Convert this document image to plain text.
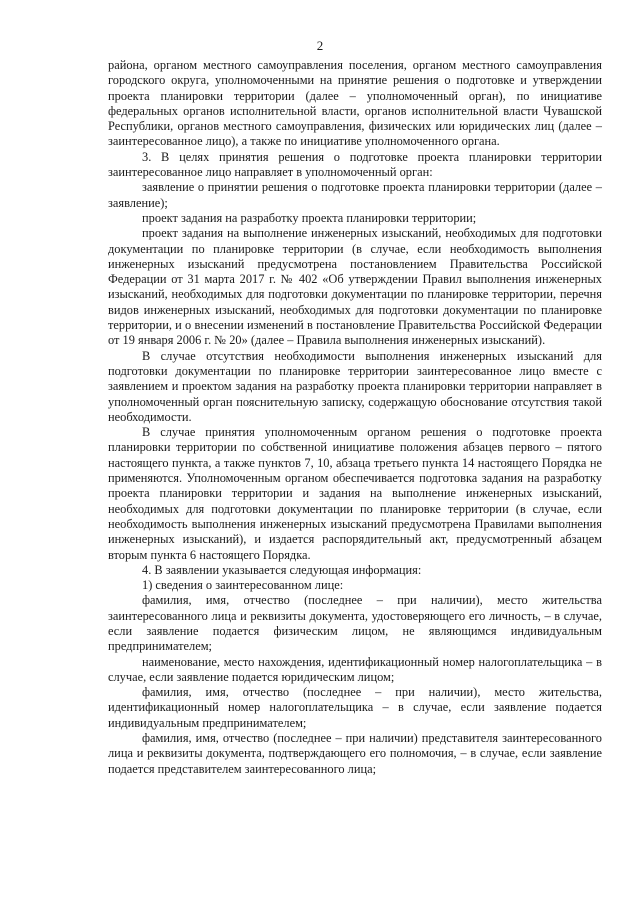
2

района, органом местного самоуправления поселения, органом местного самоуправления городского округа, уполномоченными на принятие решения о подготовке и утверждении проекта планировки территории (далее – уполномоченный орган), по инициативе федеральных органов исполнительной власти, органов исполнительной власти Чувашской Республики, органов местного самоуправления, физических или юридических лиц (далее – заинтересованное лицо), а также по инициативе уполномоченного органа.

3. В целях принятия решения о подготовке проекта планировки территории заинтересованное лицо направляет в уполномоченный орган:

заявление о принятии решения о подготовке проекта планировки территории (далее – заявление);

проект задания на разработку проекта планировки территории;

проект задания на выполнение инженерных изысканий, необходимых для подготовки документации по планировке территории (в случае, если необходимость выполнения инженерных изысканий предусмотрена постановлением Правительства Российской Федерации от 31 марта 2017 г. № 402 «Об утверждении Правил выполнения инженерных изысканий, необходимых для подготовки документации по планировке территории, перечня видов инженерных изысканий, необходимых для подготовки документации по планировке территории, и о внесении изменений в постановление Правительства Российской Федерации от 19 января 2006 г. № 20» (далее – Правила выполнения инженерных изысканий).

В случае отсутствия необходимости выполнения инженерных изысканий для подготовки документации по планировке территории заинтересованное лицо вместе с заявлением и проектом задания на разработку проекта планировки территории направляет в уполномоченный орган пояснительную записку, содержащую обоснование отсутствия такой необходимости.

В случае принятия уполномоченным органом решения о подготовке проекта планировки территории по собственной инициативе положения абзацев первого – пятого настоящего пункта, а также пунктов 7, 10, абзаца третьего пункта 14 настоящего Порядка не применяются. Уполномоченным органом обеспечивается подготовка задания на разработку проекта планировки территории и задания на выполнение инженерных изысканий, необходимых для подготовки документации по планировке территории (в случае, если необходимость выполнения инженерных изысканий предусмотрена Правилами выполнения инженерных изысканий), и издается распорядительный акт, предусмотренный абзацем вторым пункта 6 настоящего Порядка.

4. В заявлении указывается следующая информация:

1) сведения о заинтересованном лице:

фамилия, имя, отчество (последнее – при наличии), место жительства заинтересованного лица и реквизиты документа, удостоверяющего его личность, – в случае, если заявление подается физическим лицом, не являющимся индивидуальным предпринимателем;

наименование, место нахождения, идентификационный номер налогоплательщика – в случае, если заявление подается юридическим лицом;

фамилия, имя, отчество (последнее – при наличии), место жительства, идентификационный номер налогоплательщика – в случае, если заявление подается индивидуальным предпринимателем;

фамилия, имя, отчество (последнее – при наличии) представителя заинтересованного лица и реквизиты документа, подтверждающего его полномочия, – в случае, если заявление подается представителем заинтересованного лица;
